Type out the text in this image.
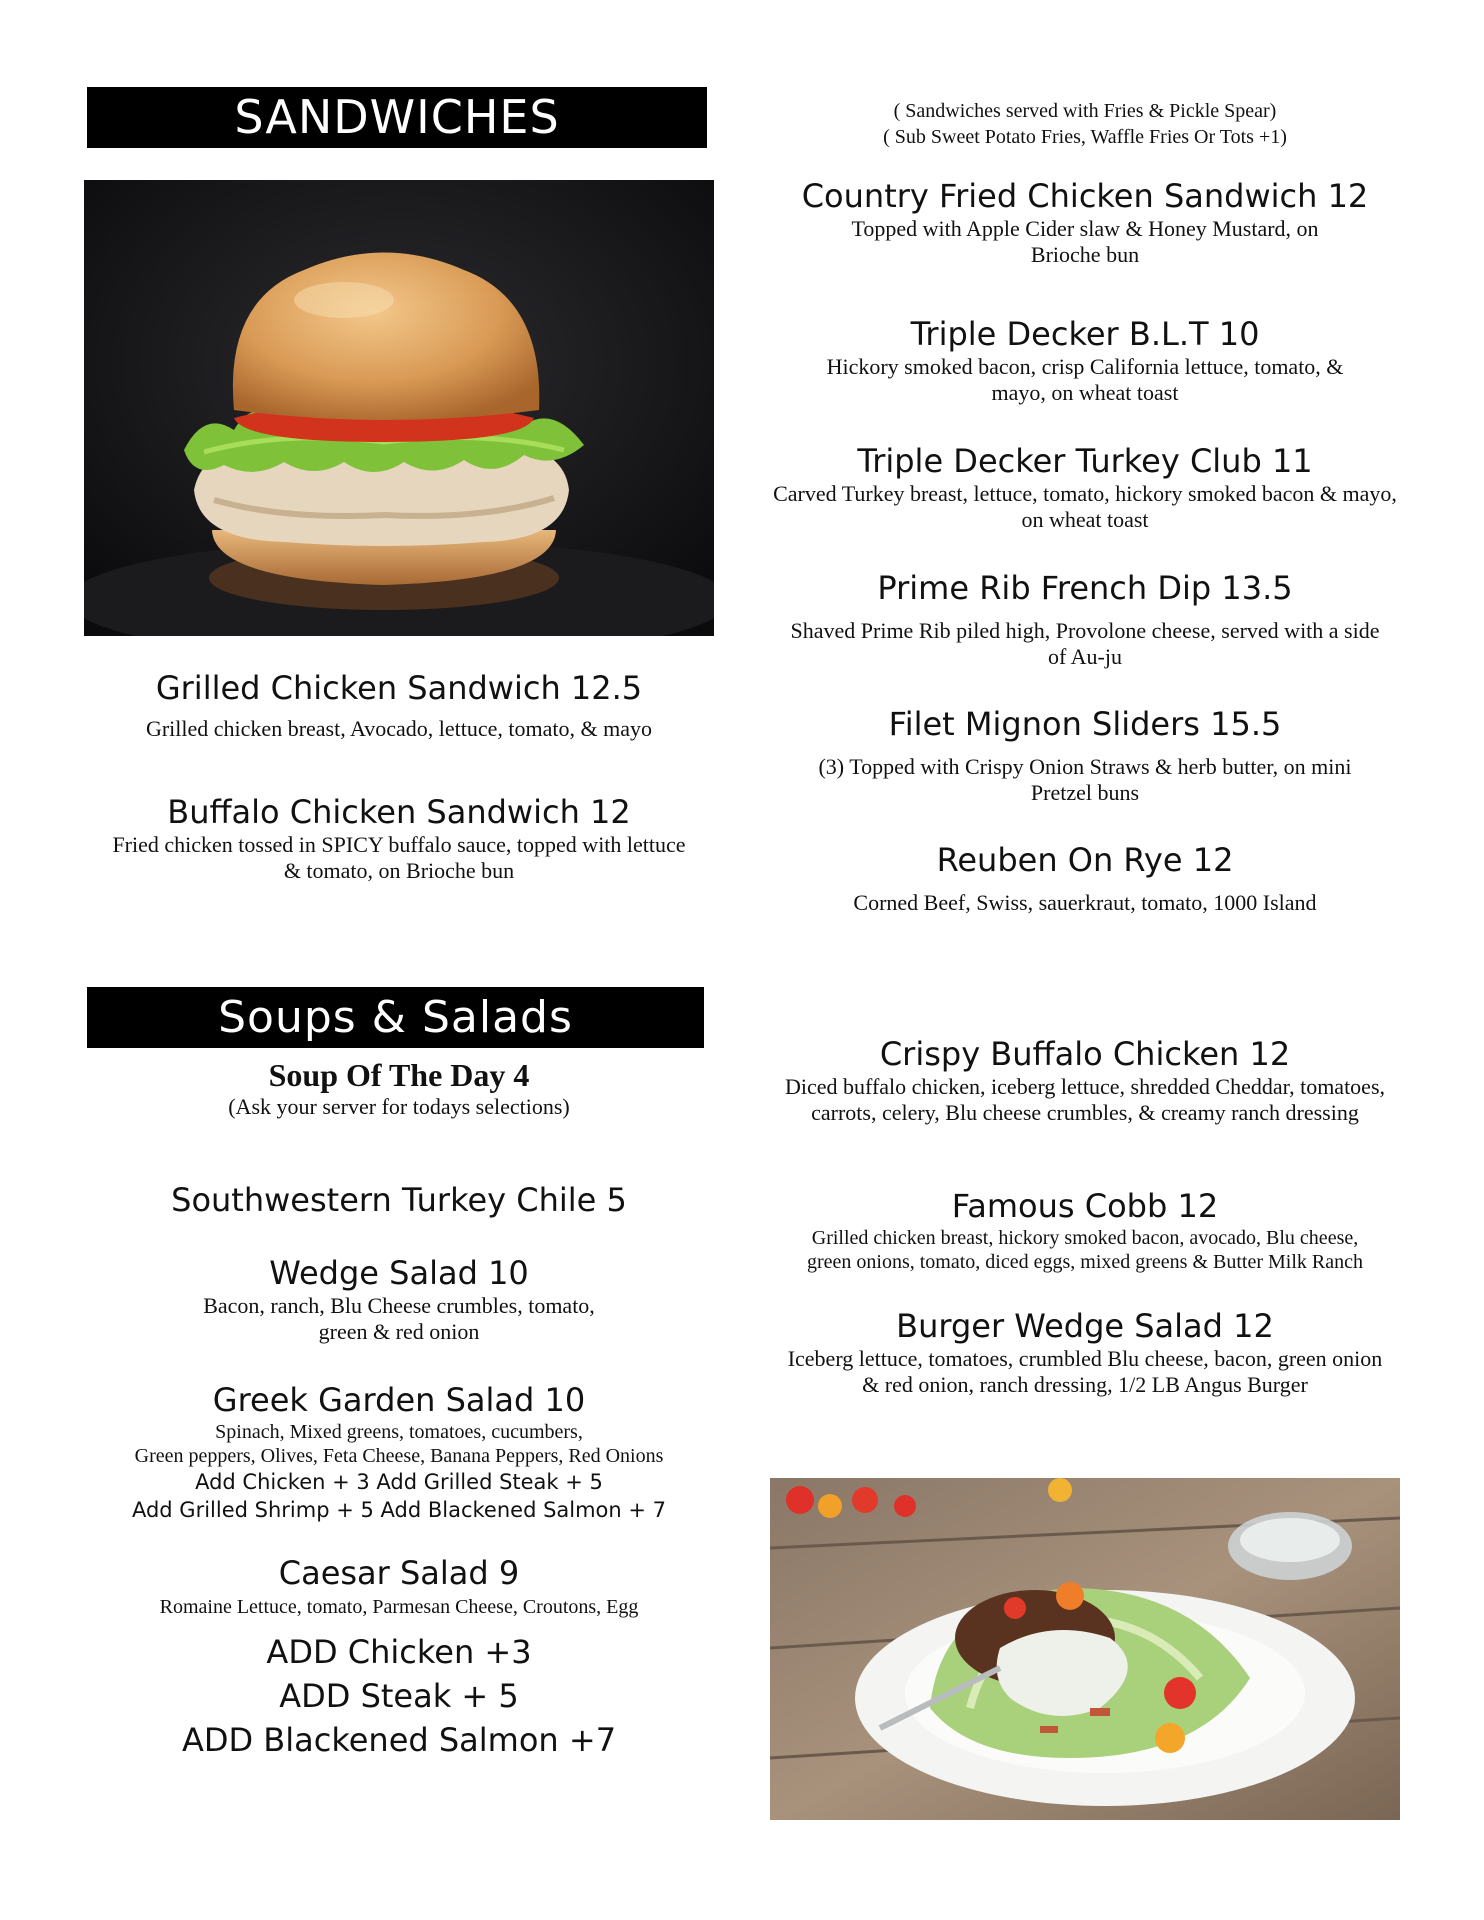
SANDWICHES
Grilled Chicken Sandwich 12.5
Grilled chicken breast, Avocado, lettuce, tomato, & mayo
Buffalo Chicken Sandwich 12
Fried chicken tossed in SPICY buffalo sauce, topped with lettuce & tomato, on Brioche bun
( Sandwiches served with Fries & Pickle Spear)
( Sub Sweet Potato Fries, Waffle Fries Or Tots +1)
Country Fried Chicken Sandwich 12
Topped with Apple Cider slaw & Honey Mustard, on Brioche bun
Triple Decker B.L.T 10
Hickory smoked bacon, crisp California lettuce, tomato, & mayo, on wheat toast
Triple Decker Turkey Club 11
Carved Turkey breast, lettuce, tomato, hickory smoked bacon & mayo, on wheat toast
Prime Rib French Dip 13.5
Shaved Prime Rib piled high, Provolone cheese, served with a side of Au-ju
Filet Mignon Sliders 15.5
(3) Topped with Crispy Onion Straws & herb butter, on mini Pretzel buns
Reuben On Rye 12
Corned Beef, Swiss, sauerkraut, tomato, 1000 Island
Soups & Salads
Soup Of The Day 4
(Ask your server for todays selections)
Southwestern Turkey Chile 5
Wedge Salad 10
Bacon, ranch, Blu Cheese crumbles, tomato, green & red onion
Greek Garden Salad 10
Spinach, Mixed greens, tomatoes, cucumbers,
Green peppers, Olives, Feta Cheese, Banana Peppers, Red Onions
Add Chicken + 3 Add Grilled Steak + 5
Add Grilled Shrimp + 5 Add Blackened Salmon + 7
Caesar Salad 9
Romaine Lettuce, tomato, Parmesan Cheese, Croutons, Egg
ADD Chicken +3
ADD Steak + 5
ADD Blackened Salmon +7
Crispy Buffalo Chicken 12
Diced buffalo chicken, iceberg lettuce, shredded Cheddar, tomatoes, carrots, celery, Blu cheese crumbles, & creamy ranch dressing
Famous Cobb 12
Grilled chicken breast, hickory smoked bacon, avocado, Blu cheese,
green onions, tomato, diced eggs, mixed greens & Butter Milk Ranch
Burger Wedge Salad 12
Iceberg lettuce, tomatoes, crumbled Blu cheese, bacon, green onion & red onion, ranch dressing, 1/2 LB Angus Burger
